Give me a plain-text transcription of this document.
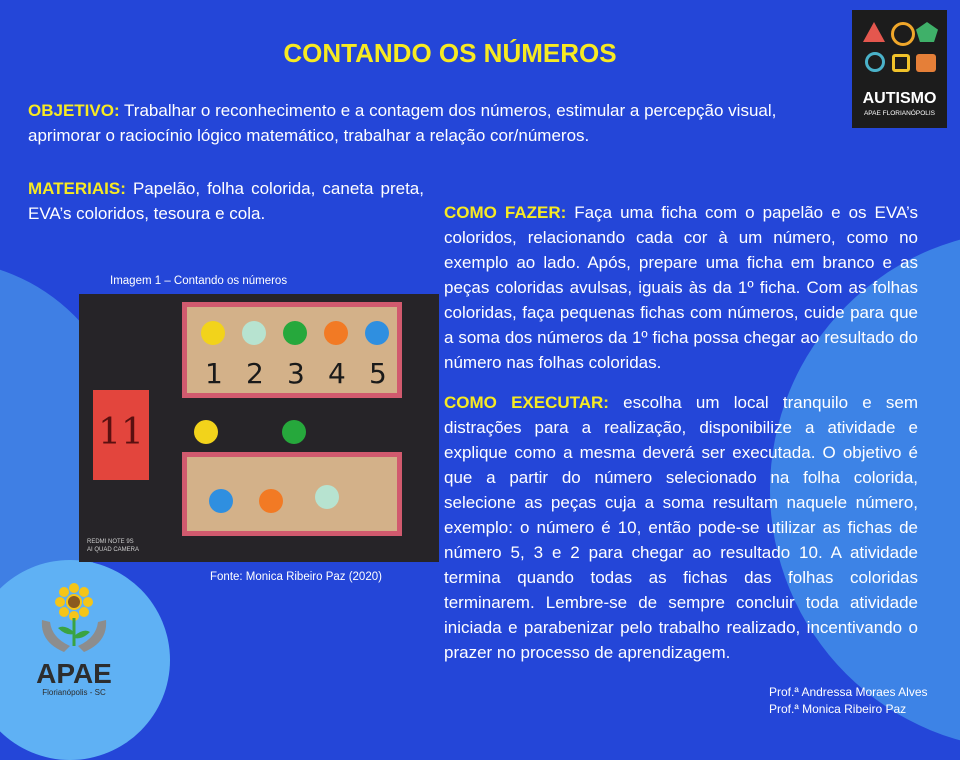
CONTANDO OS NÚMEROS
OBJETIVO: Trabalhar o reconhecimento e a contagem dos números, estimular a percepção visual, aprimorar o raciocínio lógico matemático, trabalhar a relação cor/números.
MATERIAIS: Papelão, folha colorida, caneta preta, EVA’s coloridos, tesoura e cola.
Imagem 1 – Contando os números
1 2 3 4 5
11
REDMI NOTE 9S
AI QUAD CAMERA
Fonte: Monica Ribeiro Paz (2020)
COMO FAZER: Faça uma ficha com o papelão e os EVA’s coloridos, relacionando cada cor à um número, como no exemplo ao lado. Após, prepare uma ficha em branco e as peças coloridas avulsas, iguais às da 1º ficha. Com as folhas coloridas, faça pequenas fichas com números, cuide para que a soma dos números da 1º ficha possa chegar ao resultado do número nas folhas coloridas.
COMO EXECUTAR: escolha um local tranquilo e sem distrações para a realização, disponibilize a atividade e explique como a mesma deverá ser executada. O objetivo é que a partir do número selecionado na folha colorida, selecione as peças cuja a soma resultam naquele número, exemplo: o número é 10, então pode-se utilizar as fichas de número 5, 3 e 2 para chegar ao resultado 10. A atividade termina quando todas as fichas das folhas coloridas terminarem. Lembre-se de sempre concluir toda atividade iniciada e parabenizar pelo trabalho realizado, incentivando o prazer no processo de aprendizagem.
AUTISMO
APAE FLORIANÓPOLIS
APAE
Florianópolis - SC	Prof.ª Andressa Moraes Alves
Prof.ª Monica Ribeiro Paz
